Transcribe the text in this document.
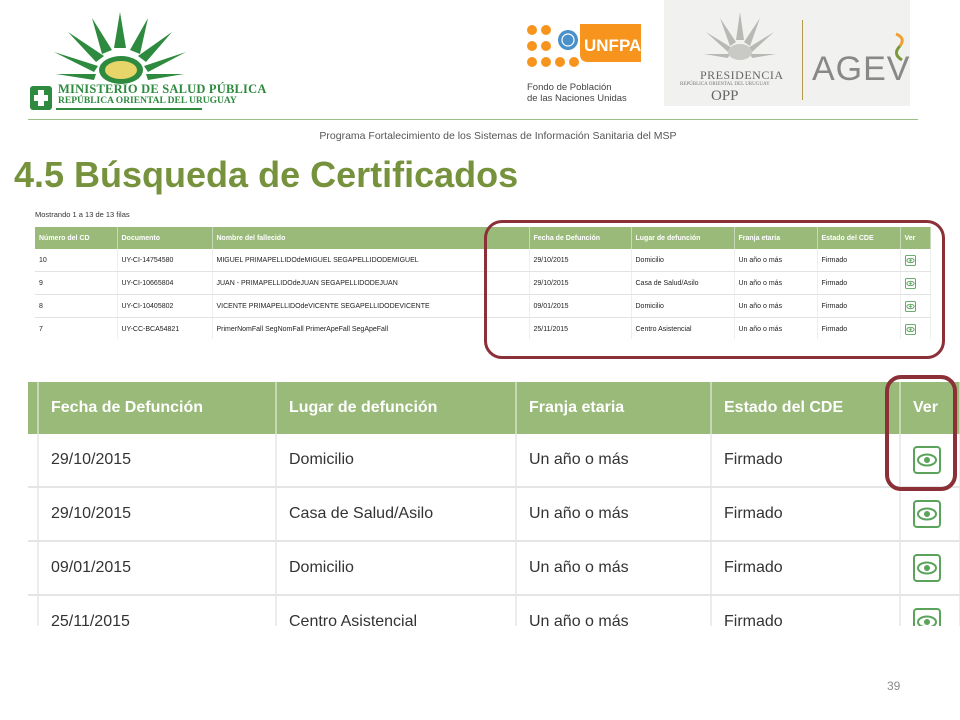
MINISTERIO DE SALUD PÚBLICA
REPÚBLICA ORIENTAL DEL URUGUAY
UNFPA
Fondo de Población
de las Naciones Unidas
PRESIDENCIA
REPÚBLICA ORIENTAL DEL URUGUAY
OPP
AGEV
Programa Fortalecimiento de los Sistemas de Información Sanitaria del MSP
4.5 Búsqueda de Certificados
Mostrando 1 a 13 de 13 filas
Número del CD	Documento	Nombre del fallecido	Fecha de Defunción	Lugar de defunción	Franja etaria	Estado del CDE	Ver
10	UY-CI-14754580	MIGUEL PRIMAPELLIDOdeMIGUEL SEGAPELLIDODEMIGUEL	29/10/2015	Domicilio	Un año o más	Firmado	
9	UY-CI-10665804	JUAN - PRIMAPELLIDOdeJUAN SEGAPELLIDODEJUAN	29/10/2015	Casa de Salud/Asilo	Un año o más	Firmado	
8	UY-CI-10405802	VICENTE PRIMAPELLIDOdeVICENTE SEGAPELLIDODEVICENTE	09/01/2015	Domicilio	Un año o más	Firmado	
7	UY-CC-BCA54821	PrimerNomFall SegNomFall PrimerApeFall SegApeFall	25/11/2015	Centro Asistencial	Un año o más	Firmado	
	Fecha de Defunción	Lugar de defunción	Franja etaria	Estado del CDE	Ver
	29/10/2015	Domicilio	Un año o más	Firmado	
	29/10/2015	Casa de Salud/Asilo	Un año o más	Firmado	
	09/01/2015	Domicilio	Un año o más	Firmado	
	25/11/2015	Centro Asistencial	Un año o más	Firmado	
39
